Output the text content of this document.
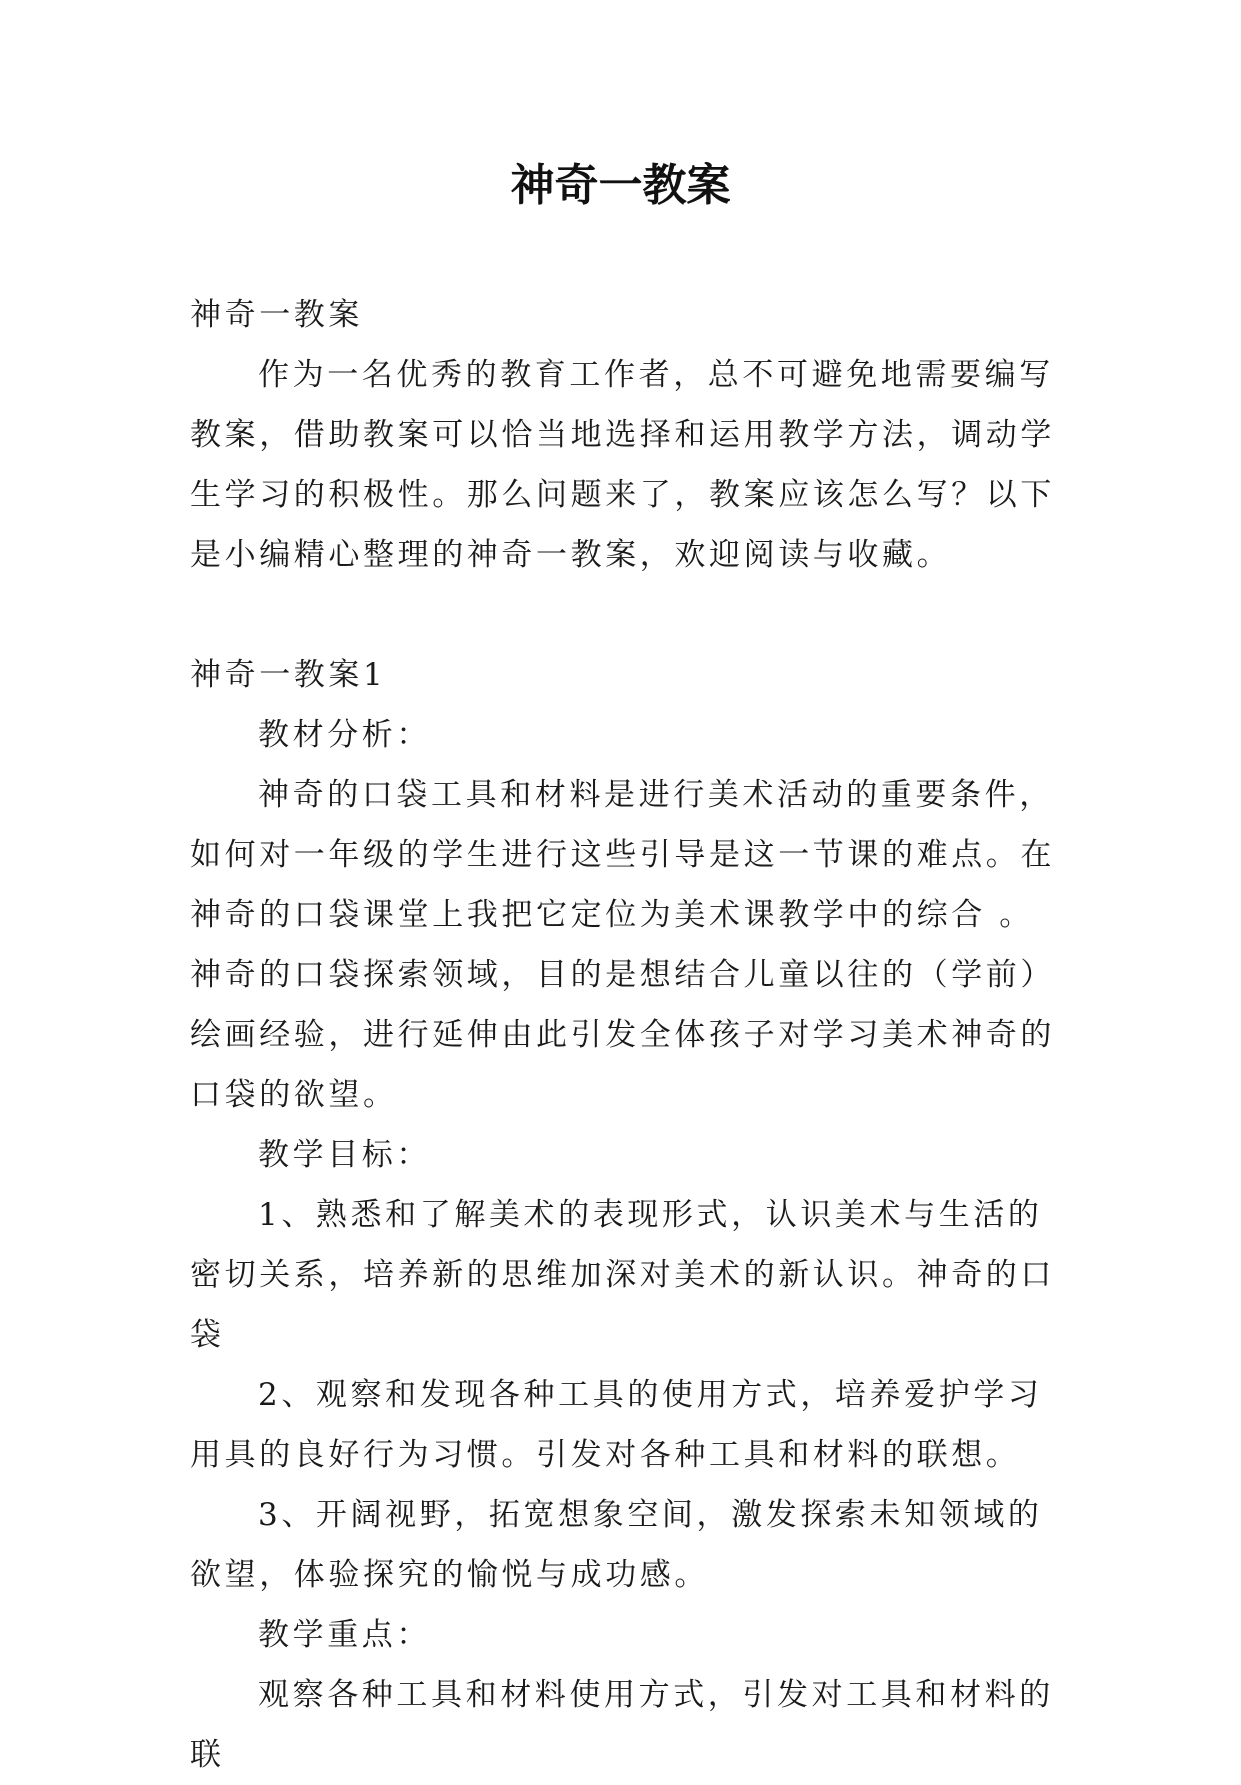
神奇一教案

神奇一教案

作为一名优秀的教育工作者，总不可避免地需要编写教案，借助教案可以恰当地选择和运用教学方法，调动学生学习的积极性。那么问题来了，教案应该怎么写？以下是小编精心整理的神奇一教案，欢迎阅读与收藏。

神奇一教案1

教材分析：

神奇的口袋工具和材料是进行美术活动的重要条件，如何对一年级的学生进行这些引导是这一节课的难点。在神奇的口袋课堂上我把它定位为美术课教学中的综合 。 神奇的口袋探索领域，目的是想结合儿童以往的（学前）绘画经验，进行延伸由此引发全体孩子对学习美术神奇的口袋的欲望。

教学目标：

1、熟悉和了解美术的表现形式，认识美术与生活的密切关系，培养新的思维加深对美术的新认识。神奇的口袋

2、观察和发现各种工具的使用方式，培养爱护学习用具的良好行为习惯。引发对各种工具和材料的联想。

3、开阔视野，拓宽想象空间，激发探索未知领域的欲望，体验探究的愉悦与成功感。

教学重点：

观察各种工具和材料使用方式，引发对工具和材料的联
